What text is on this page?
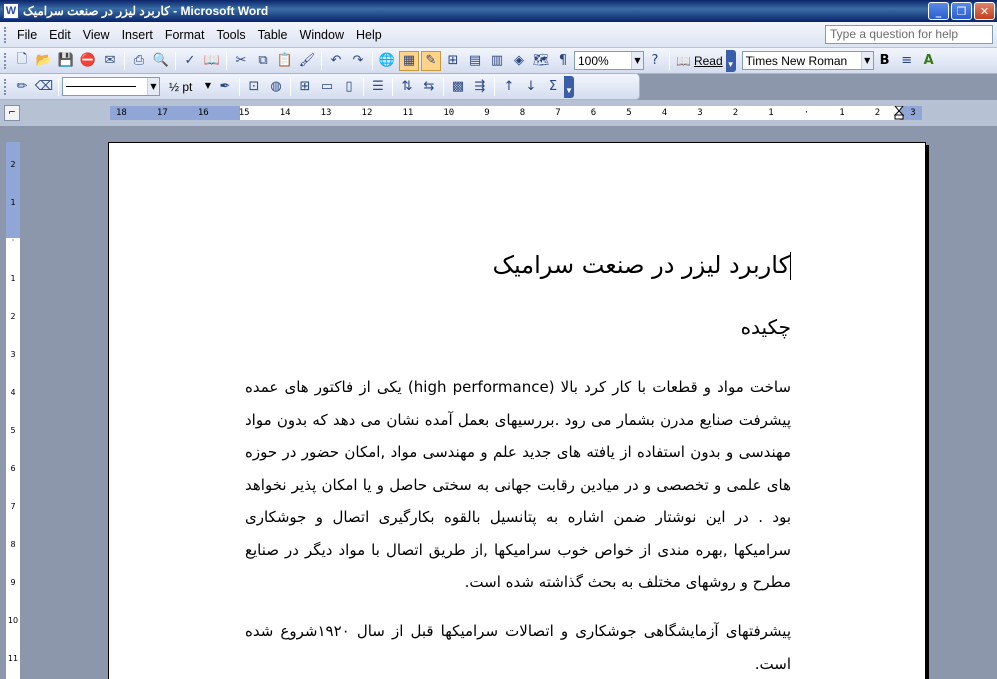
W کاربرد لیزر در صنعت سرامیک - Microsoft Word	_	❐	✕
File Edit View Insert Format Tools Table Window Help	Type a question for help
🗋 📂 💾 ⛔ ✉	⎙ 🔍	✓ 📖	✂ ⧉ 📋 🖌	↶ ↷	🌐 ▦ ✎ ⊞ ▤ ▥ ◈ 🗺 ¶ 100%	▼ ?	📖 Read ▼ Times New Roman	▼ B ≡ A
✏ ⌫	▼ ½ pt	▼ ✒	⊡ ◍	⊞ ▭ ▯	☰	⇅ ⇆	▩ ⇶	↑ ↓ Σ ▼
⌐	18	17	16	15	14	13	12	11	10	9	8	7	6	5	4	3	2	1	·	1	2	3
2
1
·
1
2
3
4
5
6
7
8
9
10
11
کاربرد لیزر در صنعت سرامیک
چکیده
ساخت مواد و قطعات با کار کرد بالا (high performance) یکی از فاکتور های عمده پیشرفت صنایع مدرن بشمار می رود .بررسیهای بعمل آمده نشان می دهد که بدون مواد مهندسی و بدون استفاده از یافته های جدید علم و مهندسی مواد ,امکان حضور در حوزه های علمی و تخصصی و در میادین رقابت جهانی به سختی حاصل و یا امکان پذیر نخواهد بود . در این نوشتار ضمن اشاره به پتانسیل بالقوه بکارگیری اتصال و جوشکاری سرامیکها ,بهره مندی از خواص خوب سرامیکها ,از طریق اتصال با مواد دیگر در صنایع مطرح و روشهای مختلف به بحث گذاشته شده است.
پیشرفتهای آزمایشگاهی جوشکاری و اتصالات سرامیکها قبل از سال ۱۹۲۰شروع شده است.
